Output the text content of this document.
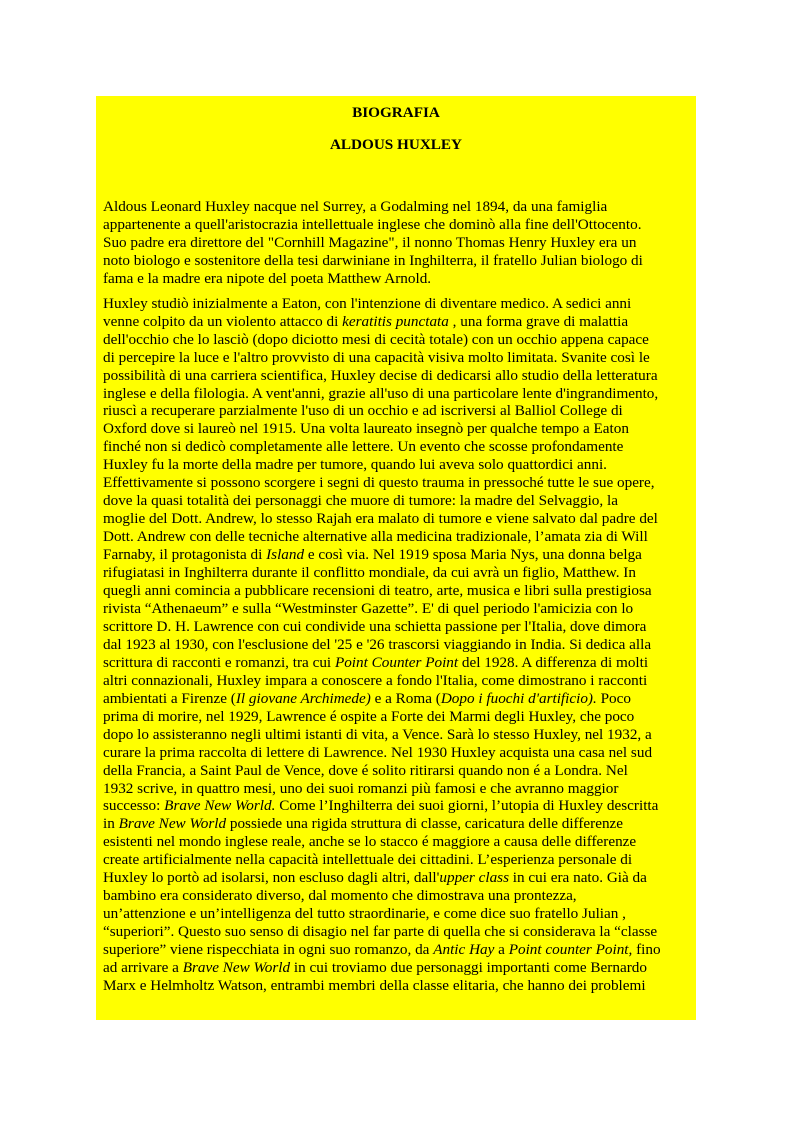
BIOGRAFIA

ALDOUS HUXLEY

Aldous Leonard Huxley nacque nel Surrey, a Godalming nel 1894, da una famiglia
appartenente a quell'aristocrazia intellettuale inglese che dominò alla fine dell'Ottocento.
Suo padre era direttore del "Cornhill Magazine", il nonno Thomas Henry Huxley era un
noto biologo e sostenitore della tesi darwiniane in Inghilterra, il fratello Julian biologo di
fama e la madre era nipote del poeta Matthew Arnold.

Huxley studiò inizialmente a Eaton, con l'intenzione di diventare medico. A sedici anni
venne colpito da un violento attacco di keratitis punctata , una forma grave di malattia
dell'occhio che lo lasciò (dopo diciotto mesi di cecità totale) con un occhio appena capace
di percepire la luce e l'altro provvisto di una capacità visiva molto limitata. Svanite così le
possibilità di una carriera scientifica, Huxley decise di dedicarsi allo studio della letteratura
inglese e della filologia. A vent'anni, grazie all'uso di una particolare lente d'ingrandimento,
riuscì a recuperare parzialmente l'uso di un occhio e ad iscriversi al Balliol College di
Oxford dove si laureò nel 1915. Una volta laureato insegnò per qualche tempo a Eaton
finché non si dedicò completamente alle lettere. Un evento che scosse profondamente
Huxley fu la morte della madre per tumore, quando lui aveva solo quattordici anni.
Effettivamente si possono scorgere i segni di questo trauma in pressoché tutte le sue opere,
dove la quasi totalità dei personaggi che muore di tumore: la madre del Selvaggio, la
moglie del Dott. Andrew, lo stesso Rajah era malato di tumore e viene salvato dal padre del
Dott. Andrew con delle tecniche alternative alla medicina tradizionale, l’amata zia di Will
Farnaby, il protagonista di Island e così via. Nel 1919 sposa Maria Nys, una donna belga
rifugiatasi in Inghilterra durante il conflitto mondiale, da cui avrà un figlio, Matthew. In
quegli anni comincia a pubblicare recensioni di teatro, arte, musica e libri sulla prestigiosa
rivista “Athenaeum” e sulla “Westminster Gazette”. E' di quel periodo l'amicizia con lo
scrittore D. H. Lawrence con cui condivide una schietta passione per l'Italia, dove dimora
dal 1923 al 1930, con l'esclusione del '25 e '26 trascorsi viaggiando in India. Si dedica alla
scrittura di racconti e romanzi, tra cui Point Counter Point del 1928. A differenza di molti
altri connazionali, Huxley impara a conoscere a fondo l'Italia, come dimostrano i racconti
ambientati a Firenze (Il giovane Archimede) e a Roma (Dopo i fuochi d'artificio). Poco
prima di morire, nel 1929, Lawrence é ospite a Forte dei Marmi degli Huxley, che poco
dopo lo assisteranno negli ultimi istanti di vita, a Vence. Sarà lo stesso Huxley, nel 1932, a
curare la prima raccolta di lettere di Lawrence. Nel 1930 Huxley acquista una casa nel sud
della Francia, a Saint Paul de Vence, dove é solito ritirarsi quando non é a Londra. Nel
1932 scrive, in quattro mesi, uno dei suoi romanzi più famosi e che avranno maggior
successo: Brave New World. Come l’Inghilterra dei suoi giorni, l’utopia di Huxley descritta
in Brave New World possiede una rigida struttura di classe, caricatura delle differenze
esistenti nel mondo inglese reale, anche se lo stacco é maggiore a causa delle differenze
create artificialmente nella capacità intellettuale dei cittadini. L’esperienza personale di
Huxley lo portò ad isolarsi, non escluso dagli altri, dall'upper class in cui era nato. Già da
bambino era considerato diverso, dal momento che dimostrava una prontezza,
un’attenzione e un’intelligenza del tutto straordinarie, e come dice suo fratello Julian ,
“superiori”. Questo suo senso di disagio nel far parte di quella che si considerava la “classe
superiore” viene rispecchiata in ogni suo romanzo, da Antic Hay a Point counter Point, fino
ad arrivare a Brave New World in cui troviamo due personaggi importanti come Bernardo
Marx e Helmholtz Watson, entrambi membri della classe elitaria, che hanno dei problemi
